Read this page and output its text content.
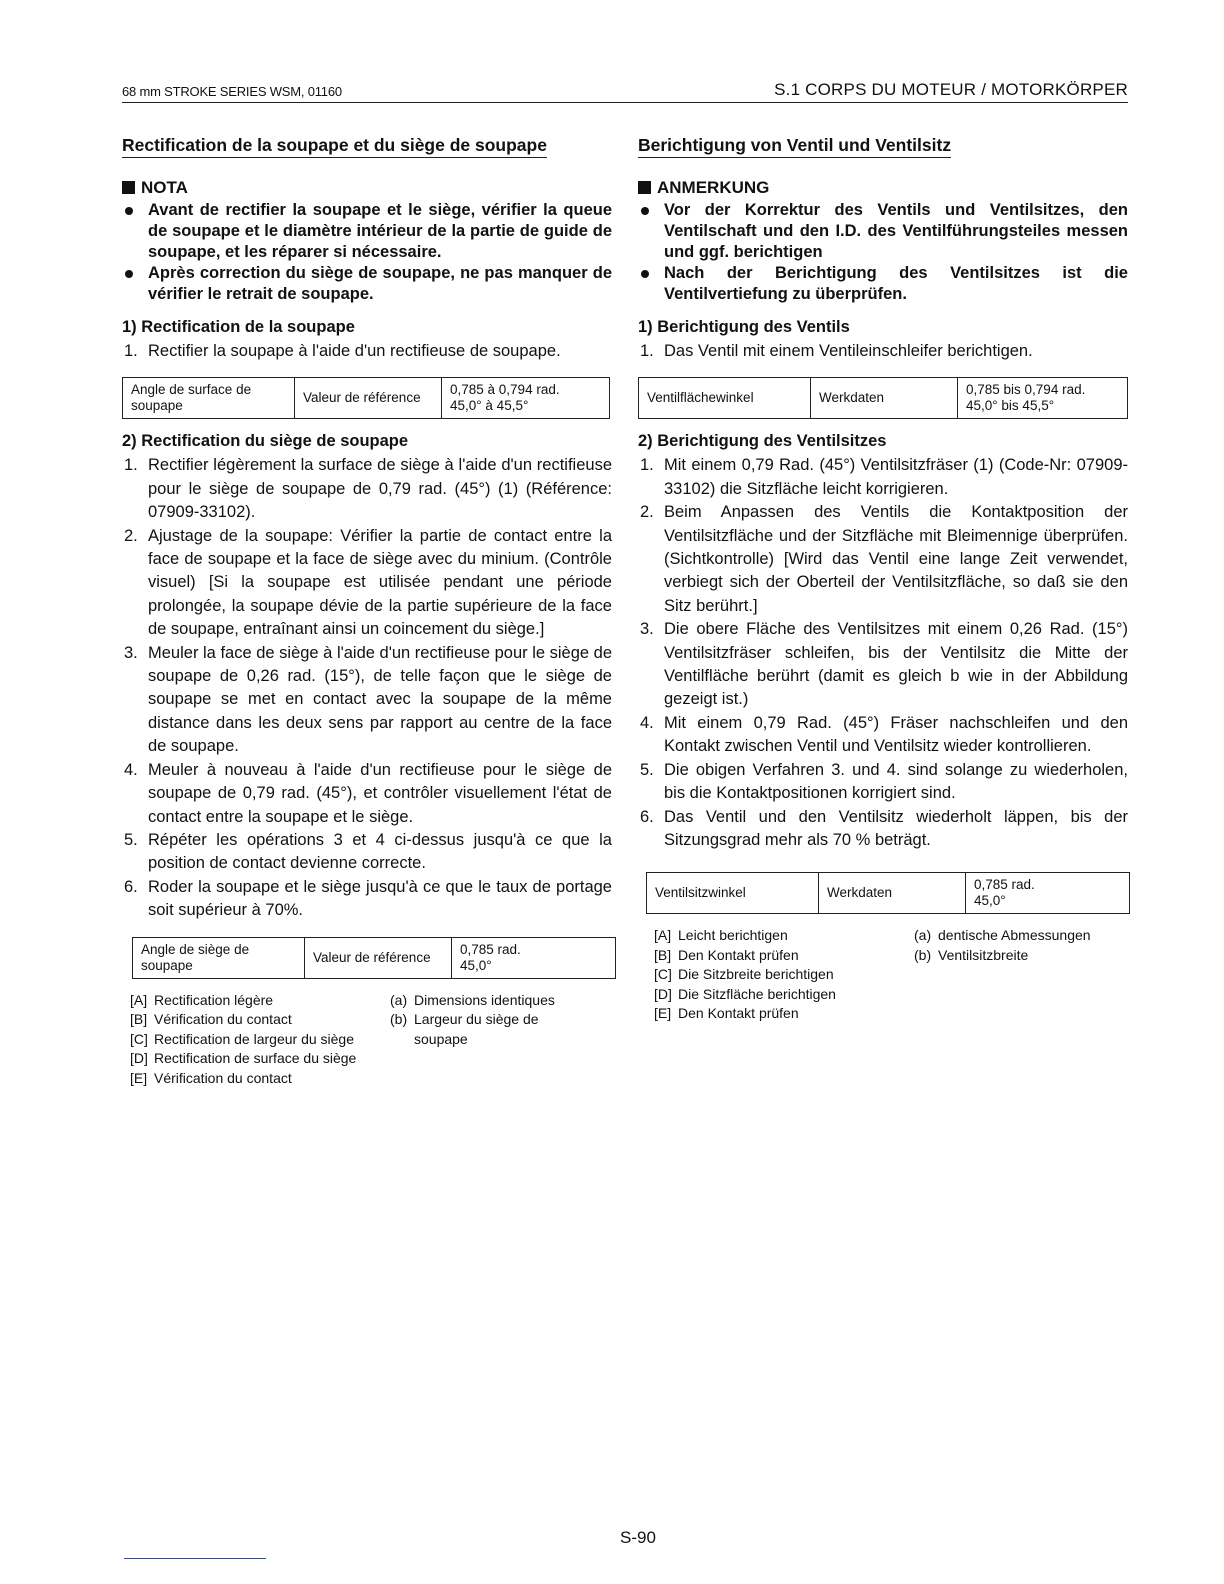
68 mm STROKE SERIES WSM, 01160	S.1 CORPS DU MOTEUR / MOTORKÖRPER
Rectification de la soupape et du siège de soupape
NOTA
Avant de rectifier la soupape et le siège, vérifier la queue de soupape et le diamètre intérieur de la partie de guide de soupape, et les réparer si nécessaire.
Après correction du siège de soupape, ne pas manquer de vérifier le retrait de soupape.
1) Rectification de la soupape
1. Rectifier la soupape à l'aide d'un rectifieuse de soupape.
Angle de surface de soupape	Valeur de référence	0,785 à 0,794 rad.
45,0° à 45,5°
2) Rectification du siège de soupape
1. Rectifier légèrement la surface de siège à l'aide d'un rectifieuse pour le siège de soupape de 0,79 rad. (45°) (1) (Référence: 07909-33102).
2. Ajustage de la soupape: Vérifier la partie de contact entre la face de soupape et la face de siège avec du minium. (Contrôle visuel) [Si la soupape est utilisée pendant une période prolongée, la soupape dévie de la partie supérieure de la face de soupape, entraînant ainsi un coincement du siège.]
3. Meuler la face de siège à l'aide d'un rectifieuse pour le siège de soupape de 0,26 rad. (15°), de telle façon que le siège de soupape se met en contact avec la soupape de la même distance dans les deux sens par rapport au centre de la face de soupape.
4. Meuler à nouveau à l'aide d'un rectifieuse pour le siège de soupape de 0,79 rad. (45°), et contrôler visuellement l'état de contact entre la soupape et le siège.
5. Répéter les opérations 3 et 4 ci-dessus jusqu'à ce que la position de contact devienne correcte.
6. Roder la soupape et le siège jusqu'à ce que le taux de portage soit supérieur à 70%.
Angle de siège de soupape	Valeur de référence	0,785 rad.
45,0°
[A] Rectification légère
[B] Vérification du contact
[C] Rectification de largeur du siège
[D] Rectification de surface du siège
[E] Vérification du contact
(a) Dimensions identiques
(b) Largeur du siège de soupape
Berichtigung von Ventil und Ventilsitz
ANMERKUNG
Vor der Korrektur des Ventils und Ventilsitzes, den Ventilschaft und den I.D. des Ventilführungsteiles messen und ggf. berichtigen
Nach der Berichtigung des Ventilsitzes ist die Ventilvertiefung zu überprüfen.
1) Berichtigung des Ventils
1. Das Ventil mit einem Ventileinschleifer berichtigen.
Ventilflächewinkel	Werkdaten	0,785 bis 0,794 rad.
45,0° bis 45,5°
2) Berichtigung des Ventilsitzes
1. Mit einem 0,79 Rad. (45°) Ventilsitzfräser (1) (Code-Nr: 07909-33102) die Sitzfläche leicht korrigieren.
2. Beim Anpassen des Ventils die Kontaktposition der Ventilsitzfläche und der Sitzfläche mit Bleimennige überprüfen. (Sichtkontrolle) [Wird das Ventil eine lange Zeit verwendet, verbiegt sich der Oberteil der Ventilsitzfläche, so daß sie den Sitz berührt.]
3. Die obere Fläche des Ventilsitzes mit einem 0,26 Rad. (15°) Ventilsitzfräser schleifen, bis der Ventilsitz die Mitte der Ventilfläche berührt (damit es gleich b wie in der Abbildung gezeigt ist.)
4. Mit einem 0,79 Rad. (45°) Fräser nachschleifen und den Kontakt zwischen Ventil und Ventilsitz wieder kontrollieren.
5. Die obigen Verfahren 3. und 4. sind solange zu wiederholen, bis die Kontaktpositionen korrigiert sind.
6. Das Ventil und den Ventilsitz wiederholt läppen, bis der Sitzungsgrad mehr als 70 % beträgt.
Ventilsitzwinkel	Werkdaten	0,785 rad.
45,0°
[A] Leicht berichtigen
[B] Den Kontakt prüfen
[C] Die Sitzbreite berichtigen
[D] Die Sitzfläche berichtigen
[E] Den Kontakt prüfen
(a) dentische Abmessungen
(b) Ventilsitzbreite
S-90
